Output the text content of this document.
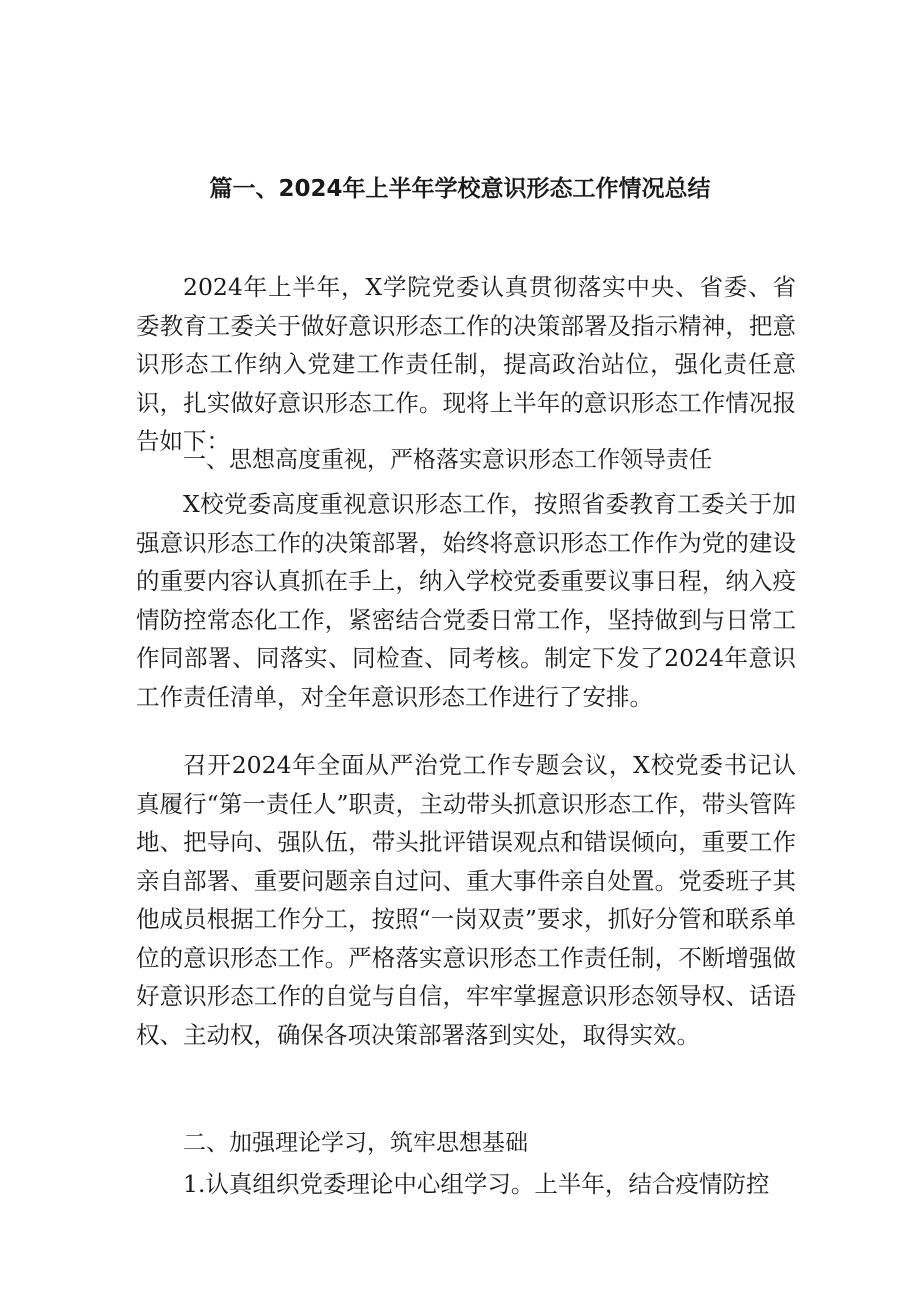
篇一、2024年上半年学校意识形态工作情况总结

2024年上半年，X学院党委认真贯彻落实中央、省委、省委教育工委关于做好意识形态工作的决策部署及指示精神，把意识形态工作纳入党建工作责任制，提高政治站位，强化责任意识，扎实做好意识形态工作。现将上半年的意识形态工作情况报告如下：

一、思想高度重视，严格落实意识形态工作领导责任

X校党委高度重视意识形态工作，按照省委教育工委关于加强意识形态工作的决策部署，始终将意识形态工作作为党的建设的重要内容认真抓在手上，纳入学校党委重要议事日程，纳入疫情防控常态化工作，紧密结合党委日常工作，坚持做到与日常工作同部署、同落实、同检查、同考核。制定下发了2024年意识工作责任清单，对全年意识形态工作进行了安排。

召开2024年全面从严治党工作专题会议，X校党委书记认真履行“第一责任人”职责，主动带头抓意识形态工作，带头管阵地、把导向、强队伍，带头批评错误观点和错误倾向，重要工作亲自部署、重要问题亲自过问、重大事件亲自处置。党委班子其他成员根据工作分工，按照“一岗双责”要求，抓好分管和联系单位的意识形态工作。严格落实意识形态工作责任制，不断增强做好意识形态工作的自觉与自信，牢牢掌握意识形态领导权、话语权、主动权，确保各项决策部署落到实处，取得实效。

二、加强理论学习，筑牢思想基础

1.认真组织党委理论中心组学习。上半年，结合疫情防控
